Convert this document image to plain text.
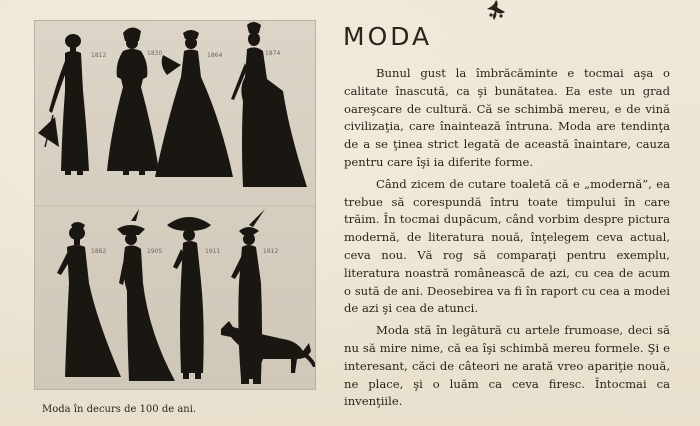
1812	1830	1864	1874
1882	1905	1911	1912
Moda în decurs de 100 de ani.
MODA

Bunul gust la îmbrăcăminte e tocmai aşa o calitate înascută, ca şi bunătatea. Ea este un grad oareşcare de cultură. Că se schimbă mereu, e de vină civilizaţia, care înaintează întruna. Moda are tendinţa de a se ţinea strict legată de această înaintare, cauza pentru care îşi ia diferite forme.

Când zicem de cutare toaletă că e „modernă”, ea trebue să corespundă întru toate timpului în care trăim. În tocmai dupăcum, când vorbim despre pictura modernă, de literatura nouă, înţelegem ceva actual, ceva nou. Vă rog să comparaţi pentru exemplu, literatura noastră românească de azi, cu cea de acum o sută de ani. Deosebirea va fi în raport cu cea a modei de azi şi cea de atunci.

Moda stă în legătură cu artele frumoase, deci să nu să mire nime, că ea îşi schimbă mereu formele. Şi e interesant, căci de câteori ne arată vreo apariţie nouă, ne place, şi o luăm ca ceva firesc. Întocmai ca invenţiile.
